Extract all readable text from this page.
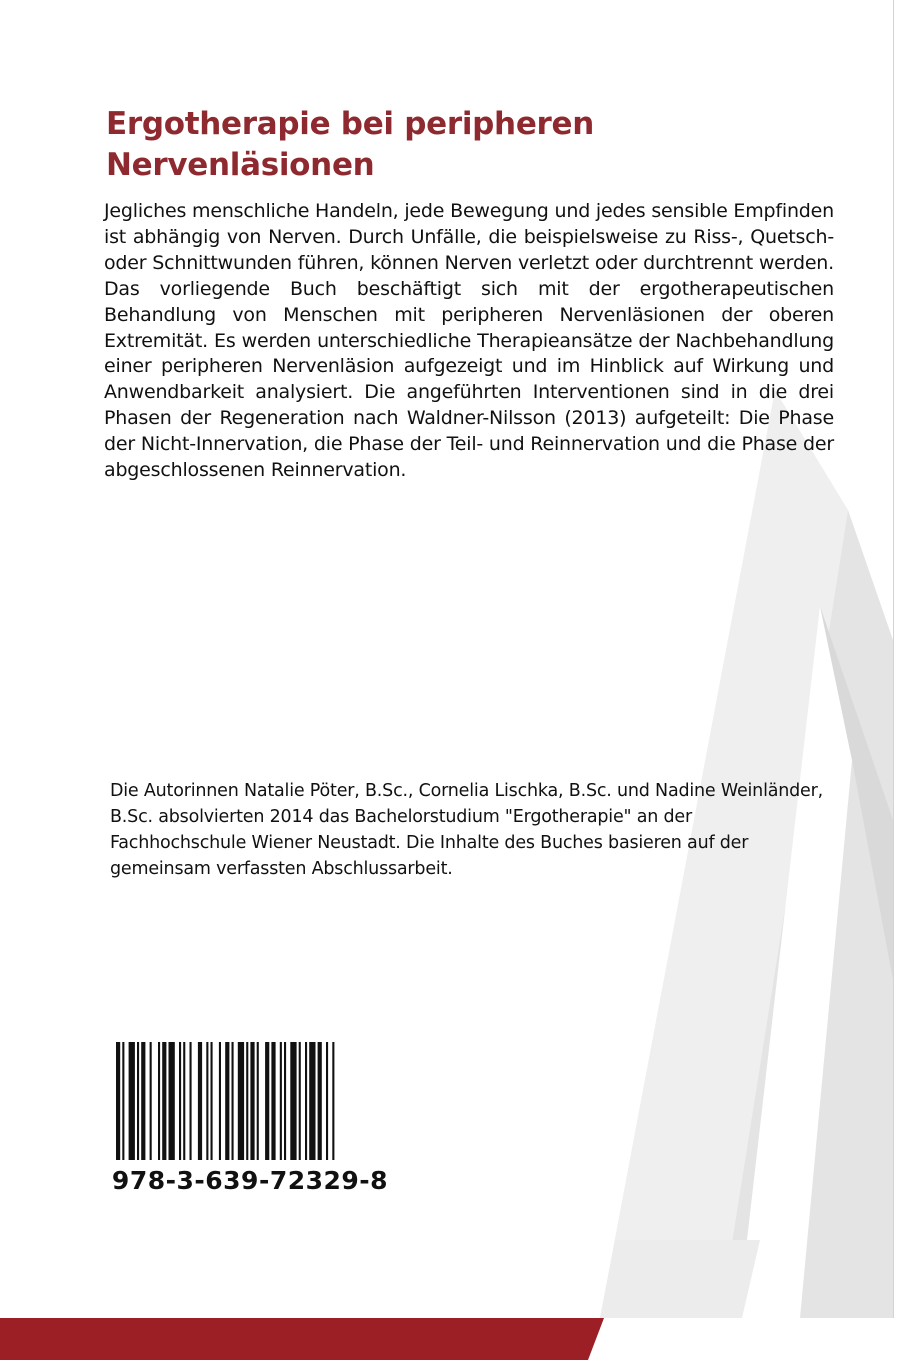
Ergotherapie bei peripheren
Nervenläsionen

Jegliches menschliche Handeln, jede Bewegung und jedes sensible Empfinden ist abhängig von Nerven. Durch Unfälle, die beispielsweise zu Riss-, Quetsch- oder Schnittwunden führen, können Nerven verletzt oder durchtrennt werden. Das vorliegende Buch beschäftigt sich mit der ergotherapeutischen Behandlung von Menschen mit peripheren Nervenläsionen der oberen Extremität. Es werden unterschiedliche Therapieansätze der Nachbehandlung einer peripheren Nervenläsion aufgezeigt und im Hinblick auf Wirkung und Anwendbarkeit analysiert. Die angeführten Interventionen sind in die drei Phasen der Regeneration nach Waldner-Nilsson (2013) aufgeteilt: Die Phase der Nicht-Innervation, die Phase der Teil- und Reinnervation und die Phase der abgeschlossenen Reinnervation.

Die Autorinnen Natalie Pöter, B.Sc., Cornelia Lischka, B.Sc. und Nadine Weinländer, B.Sc. absolvierten 2014 das Bachelorstudium "Ergotherapie" an der Fachhochschule Wiener Neustadt. Die Inhalte des Buches basieren auf der gemeinsam verfassten Abschlussarbeit.

978-3-639-72329-8
